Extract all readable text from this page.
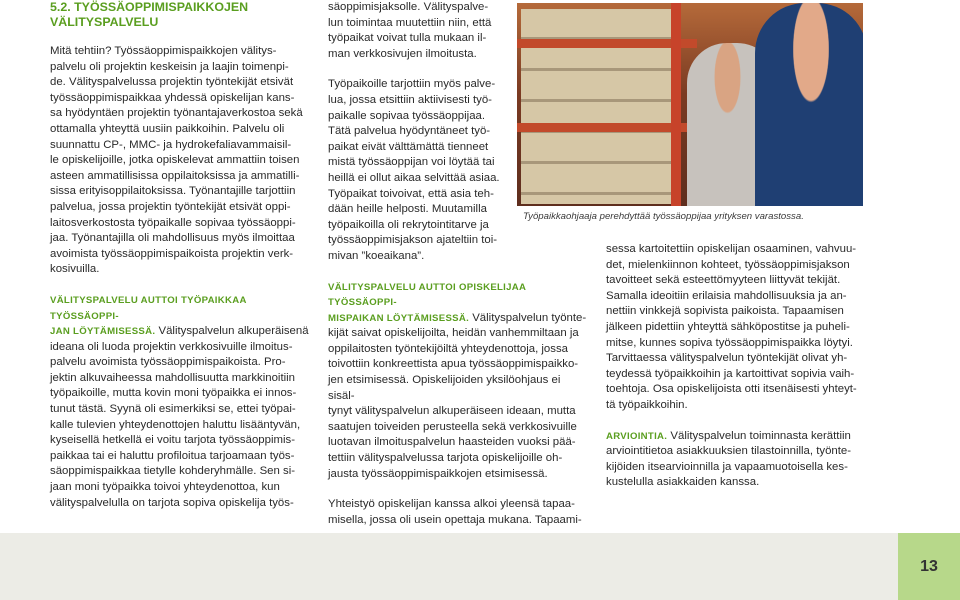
5.2. TYÖSSÄOPPIMISPAIKKOJEN
VÄLITYSPALVELU

Mitä tehtiin? Työssäoppimispaikkojen välitys-
palvelu oli projektin keskeisin ja laajin toimenpi-
de. Välityspalvelussa projektin työntekijät etsivät
työssäoppimispaikkaa yhdessä opiskelijan kans-
sa hyödyntäen projektin työnantajaverkostoa sekä
ottamalla yhteyttä uusiin paikkoihin. Palvelu oli
suunnattu CP-, MMC- ja hydrokefaliavammaisil-
le opiskelijoille, jotka opiskelevat ammattiin toisen
asteen ammatillisissa oppilaitoksissa ja ammatilli-
sissa erityisoppilaitoksissa. Työnantajille tarjottiin
palvelua, jossa projektin työntekijät etsivät oppi-
laitosverkostosta työpaikalle sopivaa työssäoppi-
jaa. Työnantajilla oli mahdollisuus myös ilmoittaa
avoimista työssäoppimispaikoista projektin verk-
kosivuilla.

VÄLITYSPALVELU AUTTOI TYÖPAIKKAA TYÖSSÄOPPI-
JAN LÖYTÄMISESSÄ. Välityspalvelun alkuperäisenä
ideana oli luoda projektin verkkosivuille ilmoitus-
palvelu avoimista työssäoppimispaikoista. Pro-
jektin alkuvaiheessa mahdollisuutta markkinoitiin
työpaikoille, mutta kovin moni työpaikka ei innos-
tunut tästä. Syynä oli esimerkiksi se, ettei työpai-
kalle tulevien yhteydenottojen haluttu lisääntyvän,
kyseisellä hetkellä ei voitu tarjota työssäoppimis-
paikkaa tai ei haluttu profiloitua tarjoamaan työs-
säoppimispaikkaa tietylle kohderyhmälle. Sen si-
jaan moni työpaikka toivoi yhteydenottoa, kun
välityspalvelulla on tarjota sopiva opiskelija työs-

säoppimisjaksolle. Välityspalve-
lun toimintaa muutettiin niin, että
työpaikat voivat tulla mukaan il-
man verkkosivujen ilmoitusta.

Työpaikoille tarjottiin myös palve-
lua, jossa etsittiin aktiivisesti työ-
paikalle sopivaa työssäoppijaa.
Tätä palvelua hyödyntäneet työ-
paikat eivät välttämättä tienneet
mistä työssäoppijan voi löytää tai
heillä ei ollut aikaa selvittää asiaa.
Työpaikat toivoivat, että asia teh-
dään heille helposti. Muutamilla
työpaikoilla oli rekrytointitarve ja
työssäoppimisjakson ajateltiin toi-
mivan ”koeaikana”.

VÄLITYSPALVELU AUTTOI OPISKELIJAA TYÖSSÄOPPI-
MISPAIKAN LÖYTÄMISESSÄ. Välityspalvelun työnte-
kijät saivat opiskelijoilta, heidän vanhemmiltaan ja
oppilaitosten työntekijöiltä yhteydenottoja, jossa
toivottiin konkreettista apua työssäoppimispaikko-
jen etsimisessä. Opiskelijoiden yksilöohjaus ei sisäl-
tynyt välityspalvelun alkuperäiseen ideaan, mutta
saatujen toiveiden perusteella sekä verkkosivuille
luotavan ilmoituspalvelun haasteiden vuoksi pää-
tettiin välityspalvelussa tarjota opiskelijoille oh-
jausta työssäoppimispaikkojen etsimisessä.

Yhteistyö opiskelijan kanssa alkoi yleensä tapaa-
misella, jossa oli usein opettaja mukana. Tapaami-

Työpaikkaohjaaja perehdyttää työssäoppijaa yrityksen varastossa.

sessa kartoitettiin opiskelijan osaaminen, vahvuu-
det, mielenkiinnon kohteet, työssäoppimisjakson
tavoitteet sekä esteettömyyteen liittyvät tekijät.
Samalla ideoitiin erilaisia mahdollisuuksia ja an-
nettiin vinkkejä sopivista paikoista. Tapaamisen
jälkeen pidettiin yhteyttä sähköpostitse ja puheli-
mitse, kunnes sopiva työssäoppimispaikka löytyi.
Tarvittaessa välityspalvelun työntekijät olivat yh-
teydessä työpaikkoihin ja kartoittivat sopivia vaih-
toehtoja. Osa opiskelijoista otti itsenäisesti yhteyt-
tä työpaikkoihin.

ARVIOINTIA. Välityspalvelun toiminnasta kerättiin
arviointitietoa asiakkuuksien tilastoinnilla, työnte-
kijöiden itsearvioinnilla ja vapaamuotoisella kes-
kustelulla asiakkaiden kanssa.

13
